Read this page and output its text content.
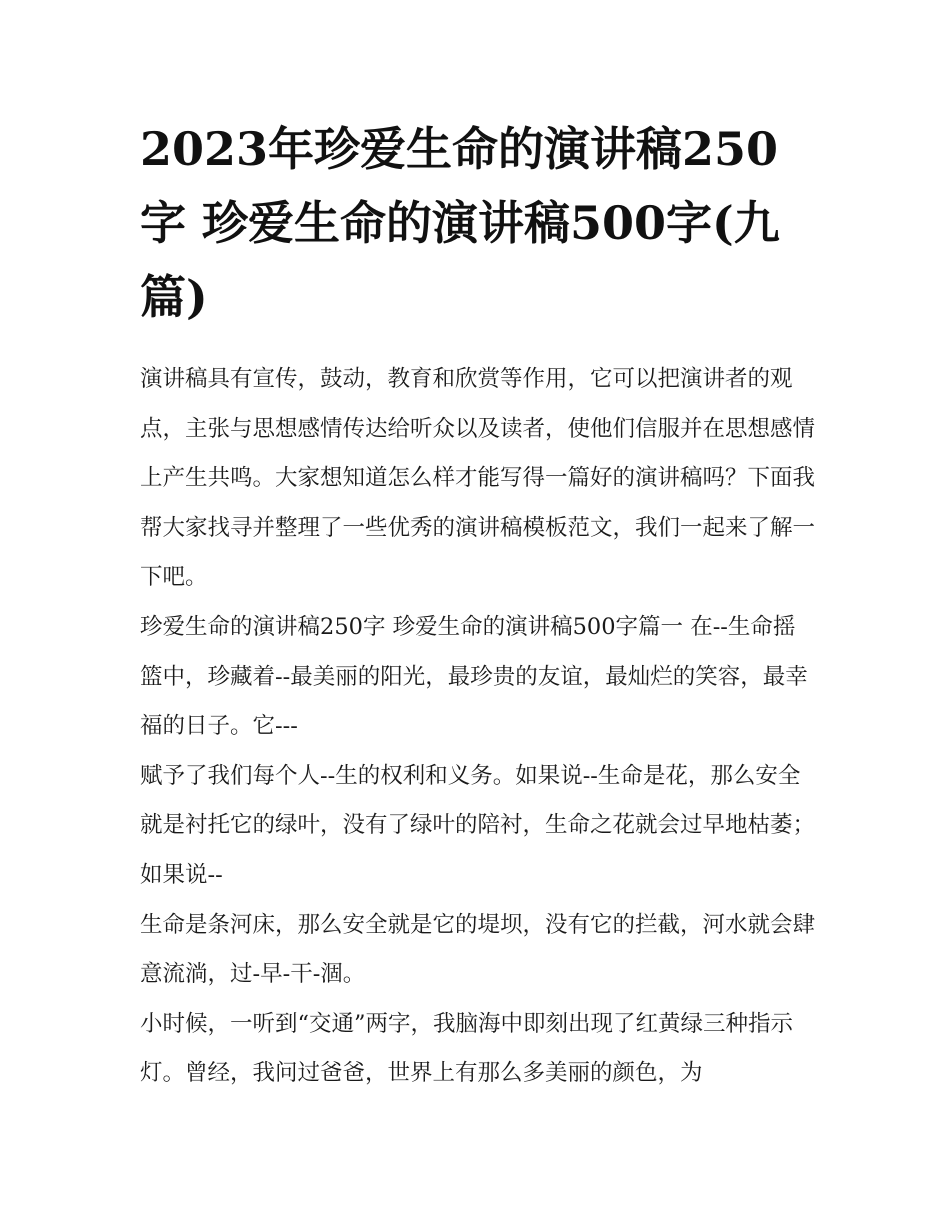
2023年珍爱生命的演讲稿250字 珍爱生命的演讲稿500字(九篇)

演讲稿具有宣传，鼓动，教育和欣赏等作用，它可以把演讲者的观点，主张与思想感情传达给听众以及读者，使他们信服并在思想感情上产生共鸣。大家想知道怎么样才能写得一篇好的演讲稿吗？下面我帮大家找寻并整理了一些优秀的演讲稿模板范文，我们一起来了解一下吧。

珍爱生命的演讲稿250字 珍爱生命的演讲稿500字篇一 在--生命摇篮中，珍藏着--最美丽的阳光，最珍贵的友谊，最灿烂的笑容，最幸福的日子。它---

赋予了我们每个人--生的权利和义务。如果说--生命是花，那么安全就是衬托它的绿叶，没有了绿叶的陪衬，生命之花就会过早地枯萎；如果说--

生命是条河床，那么安全就是它的堤坝，没有它的拦截，河水就会肆意流淌，过-早-干-涸。

小时候，一听到“交通”两字，我脑海中即刻出现了红黄绿三种指示灯。曾经，我问过爸爸，世界上有那么多美丽的颜色，为
